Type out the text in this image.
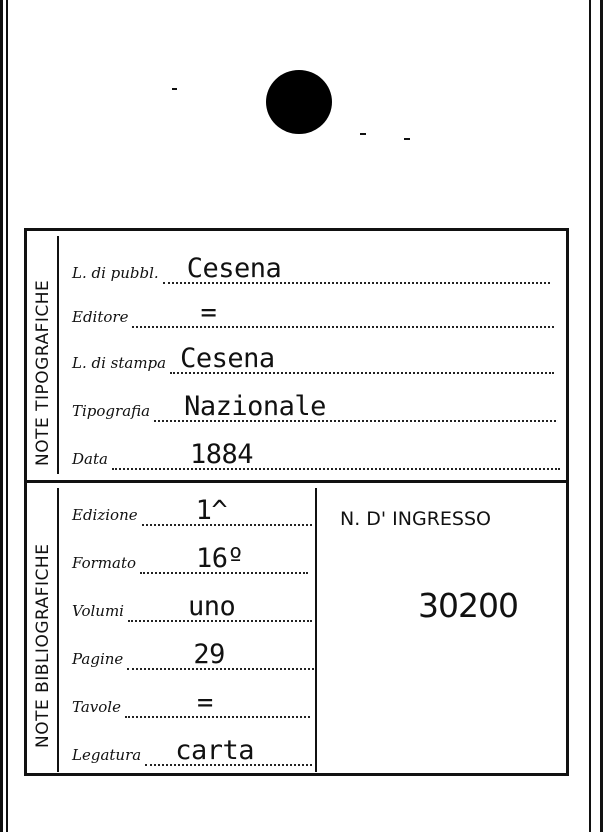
NOTE TIPOGRAFICHE
NOTE BIBLIOGRAFICHE
L. di pubbl. Cesena
Editore	=
L. di stampa Cesena
Tipografia Nazionale
Data	1884
Edizione 1^
Formato 16º
Volumi uno
Pagine	29
Tavole	=
Legatura carta
N. D' INGRESSO
30200
